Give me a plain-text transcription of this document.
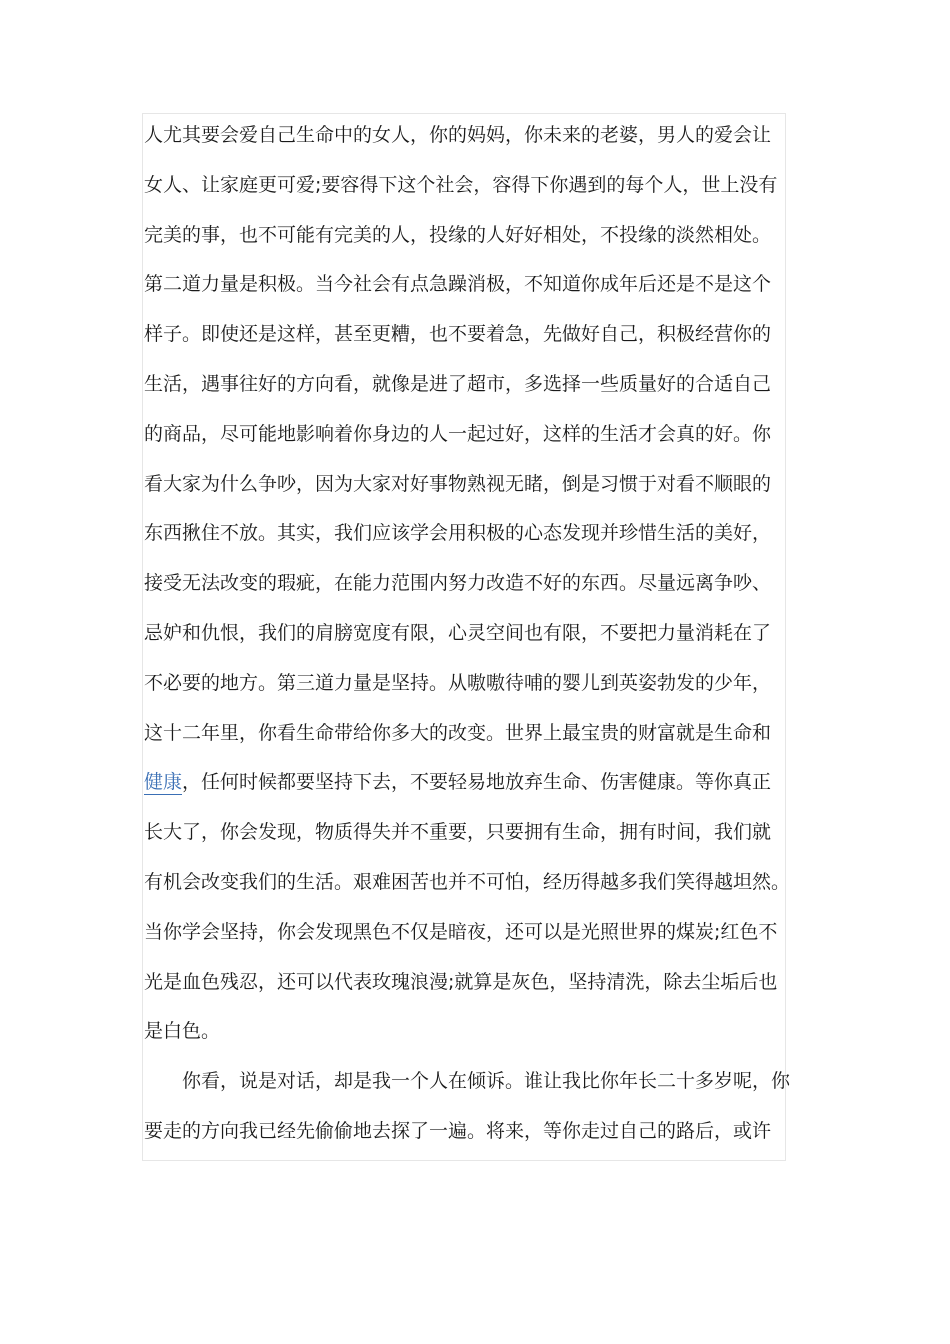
人尤其要会爱自己生命中的女人，你的妈妈，你未来的老婆，男人的爱会让
女人、让家庭更可爱;要容得下这个社会，容得下你遇到的每个人，世上没有
完美的事，也不可能有完美的人，投缘的人好好相处，不投缘的淡然相处。
第二道力量是积极。当今社会有点急躁消极，不知道你成年后还是不是这个
样子。即使还是这样，甚至更糟，也不要着急，先做好自己，积极经营你的
生活，遇事往好的方向看，就像是进了超市，多选择一些质量好的合适自己
的商品，尽可能地影响着你身边的人一起过好，这样的生活才会真的好。你
看大家为什么争吵，因为大家对好事物熟视无睹，倒是习惯于对看不顺眼的
东西揪住不放。其实，我们应该学会用积极的心态发现并珍惜生活的美好，
接受无法改变的瑕疵，在能力范围内努力改造不好的东西。尽量远离争吵、
忌妒和仇恨，我们的肩膀宽度有限，心灵空间也有限，不要把力量消耗在了
不必要的地方。第三道力量是坚持。从嗷嗷待哺的婴儿到英姿勃发的少年，
这十二年里，你看生命带给你多大的改变。世界上最宝贵的财富就是生命和
健康，任何时候都要坚持下去，不要轻易地放弃生命、伤害健康。等你真正
长大了，你会发现，物质得失并不重要，只要拥有生命，拥有时间，我们就
有机会改变我们的生活。艰难困苦也并不可怕，经历得越多我们笑得越坦然。
当你学会坚持，你会发现黑色不仅是暗夜，还可以是光照世界的煤炭;红色不
光是血色残忍，还可以代表玫瑰浪漫;就算是灰色，坚持清洗，除去尘垢后也
是白色。
　　你看，说是对话，却是我一个人在倾诉。谁让我比你年长二十多岁呢，你
要走的方向我已经先偷偷地去探了一遍。将来，等你走过自己的路后，或许
